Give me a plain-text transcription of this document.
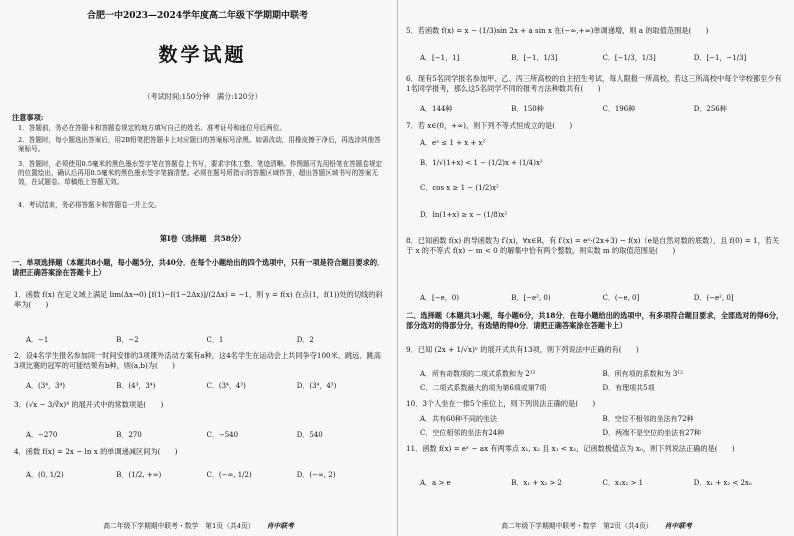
合肥一中2023—2024学年度高二年级下学期期中联考
数学试题
（考试时间:150分钟　满分:120分）
注意事项:
1．答题前，务必在答题卡和答题卷规定的地方填写自己的姓名、准考证号和座位号后两位。
2．答题时，每小题选出答案后，用2B铅笔把答题卡上对应题目的答案标号涂黑。如需改动，用橡皮擦干净后，再选涂其他答案标号。
3．答题时，必须使用0.5毫米的黑色墨水签字笔在答题卷上书写，要求字体工整、笔迹清晰。作图题可先用铅笔在答题卷规定的位置绘出，确认后再用0.5毫米的黑色墨水签字笔描清楚。必须在题号所指示的答题区域作答，超出答题区域书写的答案无效，在试题卷、草稿纸上答题无效。
4．考试结束，务必将答题卡和答题卷一并上交。
第Ⅰ卷（选择题　共58分）
一、单项选择题（本题共8小题，每小题5分，共40分．在每个小题给出的四个选项中，只有一项是符合题目要求的．请把正确答案涂在答题卡上）
1．函数 f(x) 在定义域上满足 lim(Δx→0) [f(1)−f(1−2Δx)]/(2Δx) = −1，则 y = f(x) 在点(1，f(1))处的切线的斜率为(　　)
A．−1	B．−2	C．1	D．2
2．设4名学生报名参加同一时间安排的3项课外活动方案有a种，这4名学生在运动会上共同争夺100米、跳远、跳高3项比赛的冠军的可能结果有b种，则(a,b)为(　　)
A．(3⁴，3⁴)	B．(4³，3⁴)	C．(3⁴，4³)	D．(3⁴，4³)
3．(√x − 3/∛x)⁴ 的展开式中的常数项是(　　)
A．−270	B．270	C．−540	D．540
4．函数 f(x) = 2x − ln x 的单调递减区间为(　　)
A．(0, 1/2)	B．(1/2, +∞)	C．(−∞, 1/2)	D．(−∞, 2)
高二年级下学期期中联考・数学　第1页（共4页） 肖中联考
5．若函数 f(x) = x − (1/3)sin 2x + a sin x 在(−∞,+∞)单调递增，则 a 的取值范围是(　　)
A．[−1，1]	B．[−1，1/3]	C．[−1/3，1/3]	D．[−1，−1/3]
6．现有5名同学报名参加甲、乙、丙三所高校的自主招生考试，每人限报一所高校，若这三所高校中每个学校都至少有1名同学报考，那么这5名同学不同的报考方法种数共有(　　)
A．144种	B．150种	C．196种	D．256种
7．若 x∈(0，+∞)，则下列不等式恒成立的是(　　)
A．eˣ ≤ 1 + x + x²
B．1/√(1+x) < 1 − (1/2)x + (1/4)x²
C．cos x ≥ 1 − (1/2)x²
D．ln(1+x) ≥ x − (1/8)x²
8．已知函数 f(x) 的导函数为 f′(x)，∀x∈R，有 f′(x) = eˣ·(2x+3) − f(x)（e是自然对数的底数），且 f(0) = 1，若关于 x 的不等式 f(x) − m < 0 的解集中恰有两个整数，则实数 m 的取值范围是(　　)
A．[−e，0)	B．[−e², 0)	C．(−e, 0]	D．(−e², 0]
二、选择题（本题共3小题，每小题6分，共18分．在每小题给出的选项中，有多项符合题目要求，全部选对的得6分，部分选对的得部分分，有选错的得0分．请把正确答案涂在答题卡上）
9．已知 (2x + 1/√x)ⁿ 的展开式共有13项，则下列说法中正确的有(　　)
A．所有奇数项的二项式系数和为 2¹²	B．所有项的系数和为 3¹²
C．二项式系数最大的项为第6项或第7项	D．有理项共5项
10．3个人坐在一排5个座位上，则下列说法正确的是(　　)
A．共有60种不同的坐法	B．空位不相邻的坐法有72种
C．空位相邻的坐法有24种	D．两端不是空位的坐法有27种
11．函数 f(x) = eˣ − ax 有两零点 x₁, x₂ 且 x₁ < x₂，记函数极值点为 x₀，则下列说法正确的是(　　)
A．a > e	B．x₁ + x₂ > 2	C．x₁x₂ > 1	D．x₁ + x₂ < 2x₀
高二年级下学期期中联考・数学　第2页（共4页） 肖中联考
